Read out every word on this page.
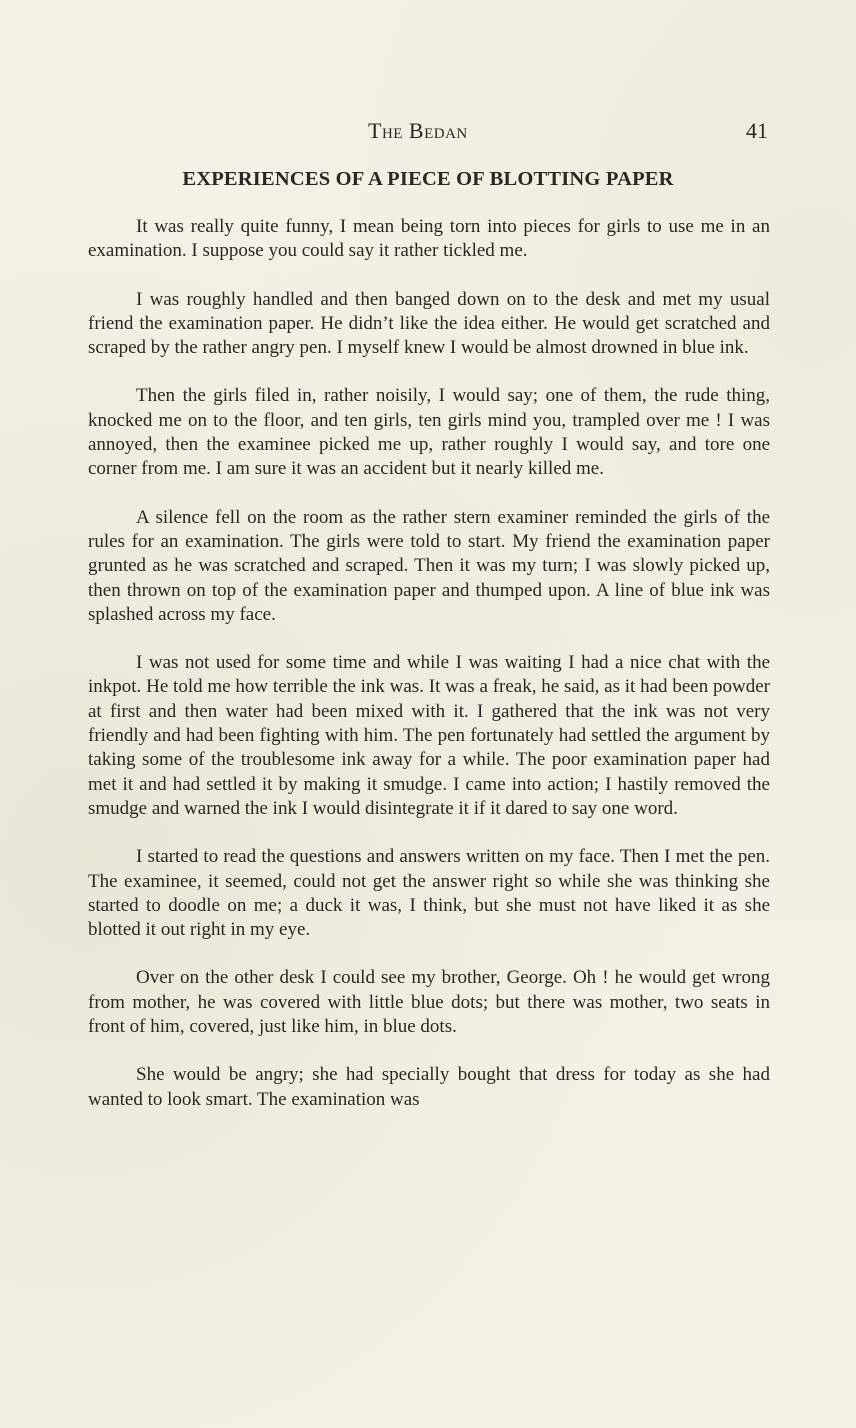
The Bedan	41
EXPERIENCES OF A PIECE OF BLOTTING PAPER

It was really quite funny, I mean being torn into pieces for girls to use me in an examination. I suppose you could say it rather tickled me.

I was roughly handled and then banged down on to the desk and met my usual friend the examination paper. He didn’t like the idea either. He would get scratched and scraped by the rather angry pen. I myself knew I would be almost drowned in blue ink.

Then the girls filed in, rather noisily, I would say; one of them, the rude thing, knocked me on to the floor, and ten girls, ten girls mind you, trampled over me ! I was annoyed, then the examinee picked me up, rather roughly I would say, and tore one corner from me. I am sure it was an accident but it nearly killed me.

A silence fell on the room as the rather stern examiner reminded the girls of the rules for an examination. The girls were told to start. My friend the examination paper grunted as he was scratched and scraped. Then it was my turn; I was slowly picked up, then thrown on top of the examination paper and thumped upon. A line of blue ink was splashed across my face.

I was not used for some time and while I was waiting I had a nice chat with the inkpot. He told me how terrible the ink was. It was a freak, he said, as it had been powder at first and then water had been mixed with it. I gathered that the ink was not very friendly and had been fighting with him. The pen fortunately had settled the argument by taking some of the troublesome ink away for a while. The poor examination paper had met it and had settled it by making it smudge. I came into action; I hastily removed the smudge and warned the ink I would disintegrate it if it dared to say one word.

I started to read the questions and answers written on my face. Then I met the pen. The examinee, it seemed, could not get the answer right so while she was thinking she started to doodle on me; a duck it was, I think, but she must not have liked it as she blotted it out right in my eye.

Over on the other desk I could see my brother, George. Oh ! he would get wrong from mother, he was covered with little blue dots; but there was mother, two seats in front of him, covered, just like him, in blue dots.

She would be angry; she had specially bought that dress for today as she had wanted to look smart. The examination was
